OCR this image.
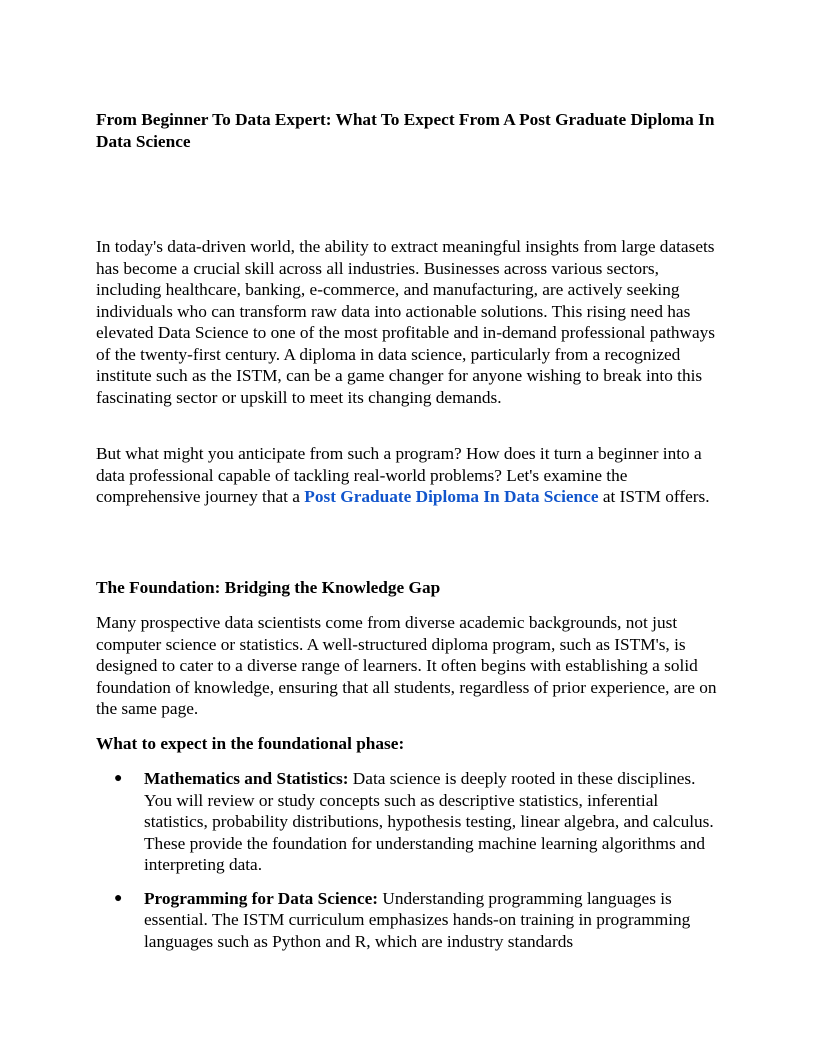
From Beginner To Data Expert: What To Expect From A Post Graduate Diploma In Data Science

In today's data-driven world, the ability to extract meaningful insights from large datasets has become a crucial skill across all industries. Businesses across various sectors, including healthcare, banking, e-commerce, and manufacturing, are actively seeking individuals who can transform raw data into actionable solutions. This rising need has elevated Data Science to one of the most profitable and in-demand professional pathways of the twenty-first century. A diploma in data science, particularly from a recognized institute such as the ISTM, can be a game changer for anyone wishing to break into this fascinating sector or upskill to meet its changing demands.

But what might you anticipate from such a program? How does it turn a beginner into a data professional capable of tackling real-world problems? Let's examine the comprehensive journey that a Post Graduate Diploma In Data Science at ISTM offers.

The Foundation: Bridging the Knowledge Gap

Many prospective data scientists come from diverse academic backgrounds, not just computer science or statistics. A well-structured diploma program, such as ISTM's, is designed to cater to a diverse range of learners. It often begins with establishing a solid foundation of knowledge, ensuring that all students, regardless of prior experience, are on the same page.

What to expect in the foundational phase:
● Mathematics and Statistics: Data science is deeply rooted in these disciplines. You will review or study concepts such as descriptive statistics, inferential statistics, probability distributions, hypothesis testing, linear algebra, and calculus. These provide the foundation for understanding machine learning algorithms and interpreting data.
● Programming for Data Science: Understanding programming languages is essential. The ISTM curriculum emphasizes hands-on training in programming languages such as Python and R, which are industry standards
